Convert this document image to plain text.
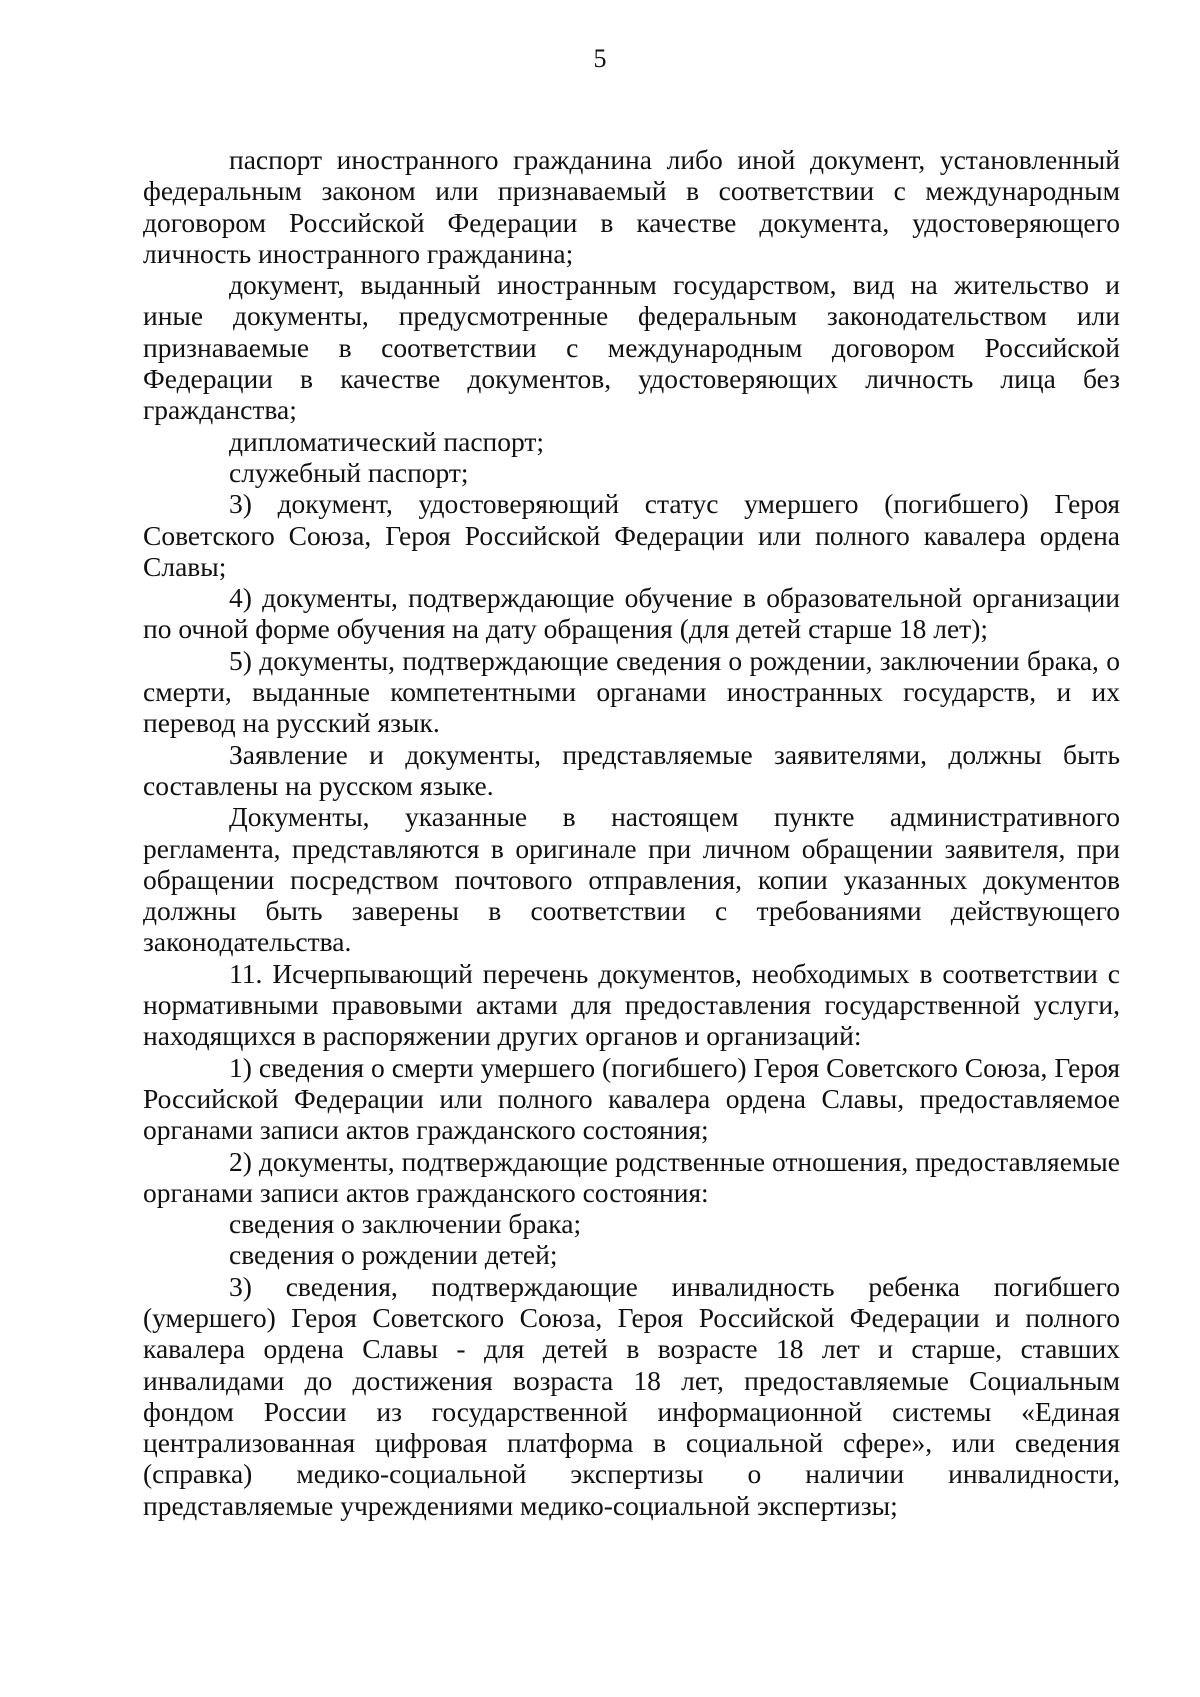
5

паспорт иностранного гражданина либо иной документ, установленный федеральным законом или признаваемый в соответствии с международным договором Российской Федерации в качестве документа, удостоверяющего личность иностранного гражданина;

документ, выданный иностранным государством, вид на жительство и иные документы, предусмотренные федеральным законодательством или признаваемые в соответствии с международным договором Российской Федерации в качестве документов, удостоверяющих личность лица без гражданства;

дипломатический паспорт;

служебный паспорт;

3) документ, удостоверяющий статус умершего (погибшего) Героя Советского Союза, Героя Российской Федерации или полного кавалера ордена Славы;

4) документы, подтверждающие обучение в образовательной организации по очной форме обучения на дату обращения (для детей старше 18 лет);

5) документы, подтверждающие сведения о рождении, заключении брака, о смерти, выданные компетентными органами иностранных государств, и их перевод на русский язык.

Заявление и документы, представляемые заявителями, должны быть составлены на русском языке.

Документы, указанные в настоящем пункте административного регламента, представляются в оригинале при личном обращении заявителя, при обращении посредством почтового отправления, копии указанных документов должны быть заверены в соответствии с требованиями действующего законодательства.

11. Исчерпывающий перечень документов, необходимых в соответствии с нормативными правовыми актами для предоставления государственной услуги, находящихся в распоряжении других органов и организаций:

1) сведения о смерти умершего (погибшего) Героя Советского Союза, Героя Российской Федерации или полного кавалера ордена Славы, предоставляемое органами записи актов гражданского состояния;

2) документы, подтверждающие родственные отношения, предоставляемые органами записи актов гражданского состояния:

сведения о заключении брака;

сведения о рождении детей;

3) сведения, подтверждающие инвалидность ребенка погибшего (умершего) Героя Советского Союза, Героя Российской Федерации и полного кавалера ордена Славы - для детей в возрасте 18 лет и старше, ставших инвалидами до достижения возраста 18 лет, предоставляемые Социальным фондом России из государственной информационной системы «Единая централизованная цифровая платформа в социальной сфере», или сведения (справка) медико-социальной экспертизы о наличии инвалидности, представляемые учреждениями медико-социальной экспертизы;
